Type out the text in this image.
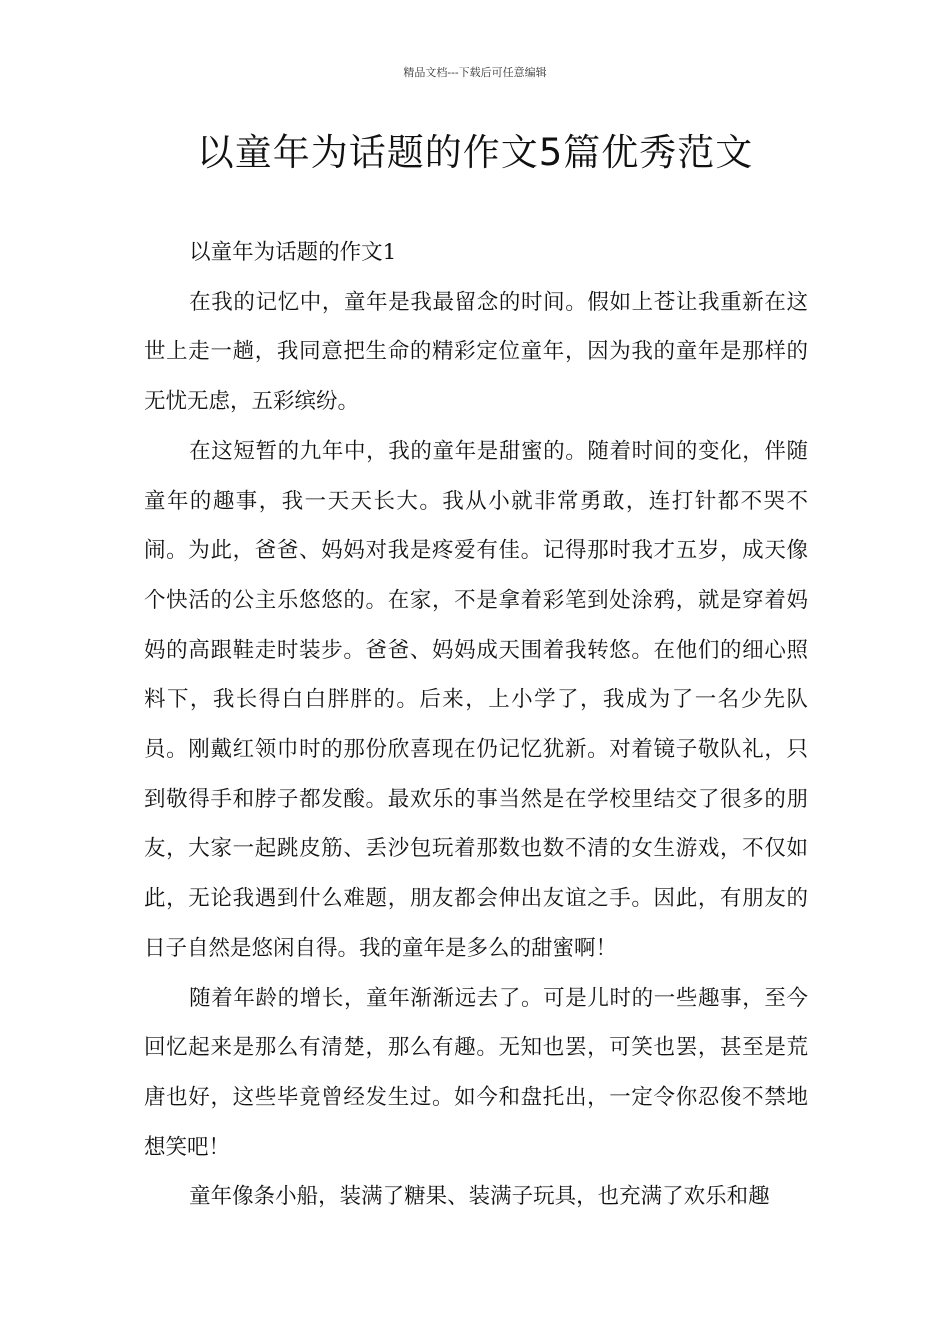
精品文档---下载后可任意编辑
以童年为话题的作文5篇优秀范文

以童年为话题的作文1

在我的记忆中，童年是我最留念的时间。假如上苍让我重新在这世上走一趟，我同意把生命的精彩定位童年，因为我的童年是那样的无忧无虑，五彩缤纷。

在这短暂的九年中，我的童年是甜蜜的。随着时间的变化，伴随童年的趣事，我一天天长大。我从小就非常勇敢，连打针都不哭不闹。为此，爸爸、妈妈对我是疼爱有佳。记得那时我才五岁，成天像个快活的公主乐悠悠的。在家，不是拿着彩笔到处涂鸦，就是穿着妈妈的高跟鞋走时装步。爸爸、妈妈成天围着我转悠。在他们的细心照料下，我长得白白胖胖的。后来，上小学了，我成为了一名少先队员。刚戴红领巾时的那份欣喜现在仍记忆犹新。对着镜子敬队礼，只到敬得手和脖子都发酸。最欢乐的事当然是在学校里结交了很多的朋友，大家一起跳皮筋、丢沙包玩着那数也数不清的女生游戏，不仅如此，无论我遇到什么难题，朋友都会伸出友谊之手。因此，有朋友的日子自然是悠闲自得。我的童年是多么的甜蜜啊！

随着年龄的增长，童年渐渐远去了。可是儿时的一些趣事，至今回忆起来是那么有清楚，那么有趣。无知也罢，可笑也罢，甚至是荒唐也好，这些毕竟曾经发生过。如今和盘托出，一定令你忍俊不禁地想笑吧！

童年像条小船，装满了糖果、装满子玩具，也充满了欢乐和趣
